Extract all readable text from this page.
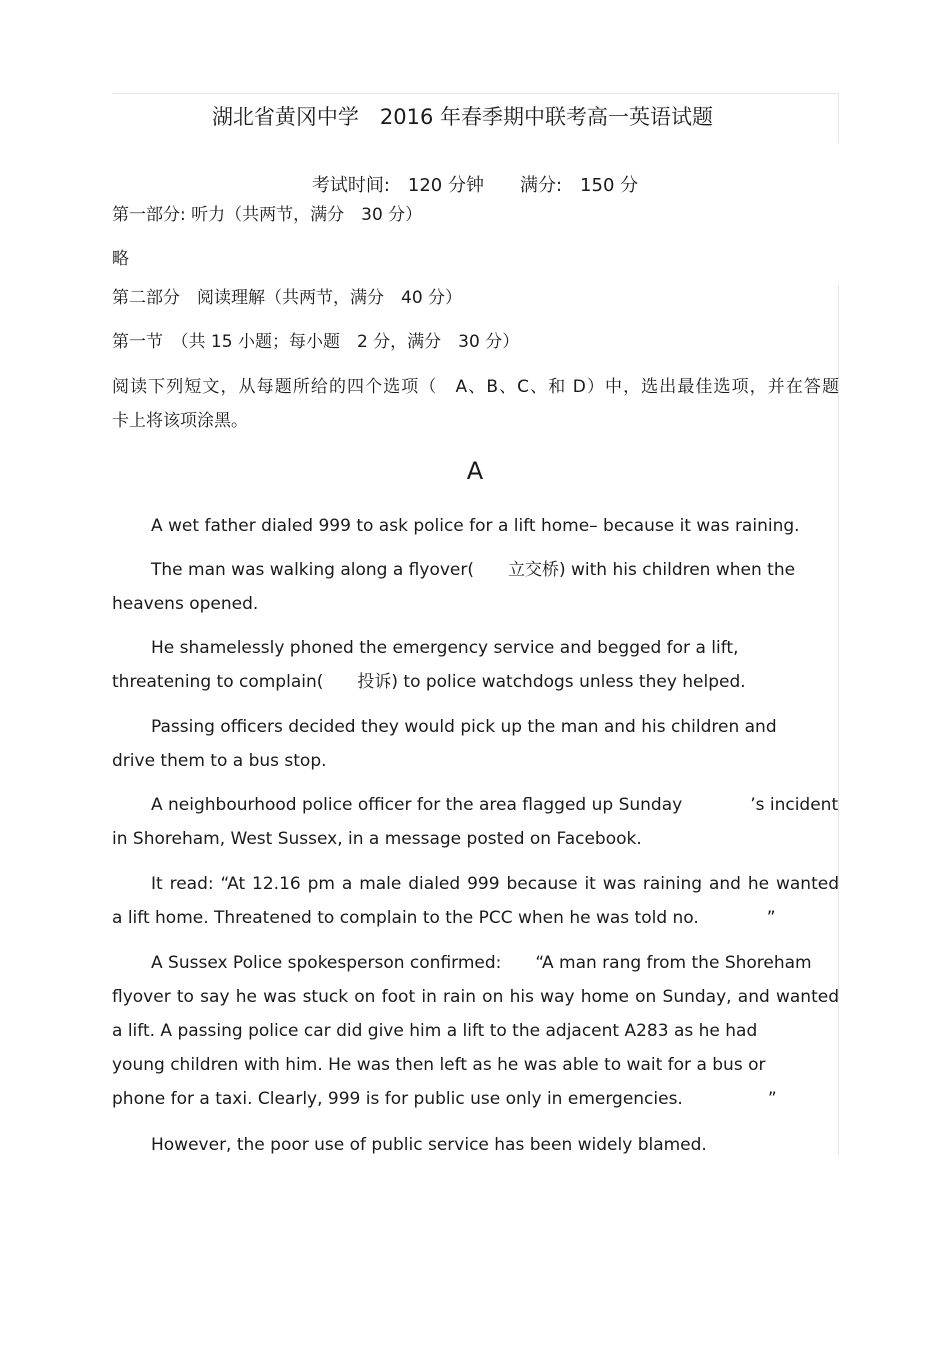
湖北省黄冈中学　2016 年春季期中联考高一英语试题
考试时间:　120 分钟　　满分:　150 分
第一部分: 听力（共两节，满分　30 分）
略
第二部分　阅读理解（共两节，满分　40 分）
第一节　（共 15 小题；每小题　2 分，满分　30 分）

阅读下列短文，从每题所给的四个选项（　A、B、C、和 D）中，选出最佳选项，并在答题

卡上将该项涂黑。

A

A wet father dialed 999 to ask police for a lift home– because it was raining.

The man was walking along a flyover(　　立交桥) with his children when the

heavens opened.

He shamelessly phoned the emergency service and begged for a lift,

threatening to complain(　　投诉) to police watchdogs unless they helped.

Passing officers decided they would pick up the man and his children and

drive them to a bus stop.

A neighbourhood police officer for the area flagged up Sunday　　　　’s incident

in Shoreham, West Sussex, in a message posted on Facebook.

It read: “At 12.16 pm a male dialed 999 because it was raining and he wanted

a lift home. Threatened to complain to the PCC when he was told no.　　　　”

A Sussex Police spokesperson confirmed:　　“A man rang from the Shoreham

flyover to say he was stuck on foot in rain on his way home on Sunday, and wanted

a lift. A passing police car did give him a lift to the adjacent A283 as he had

young children with him. He was then left as he was able to wait for a bus or

phone for a taxi. Clearly, 999 is for public use only in emergencies.　　　　　”

However, the poor use of public service has been widely blamed.
